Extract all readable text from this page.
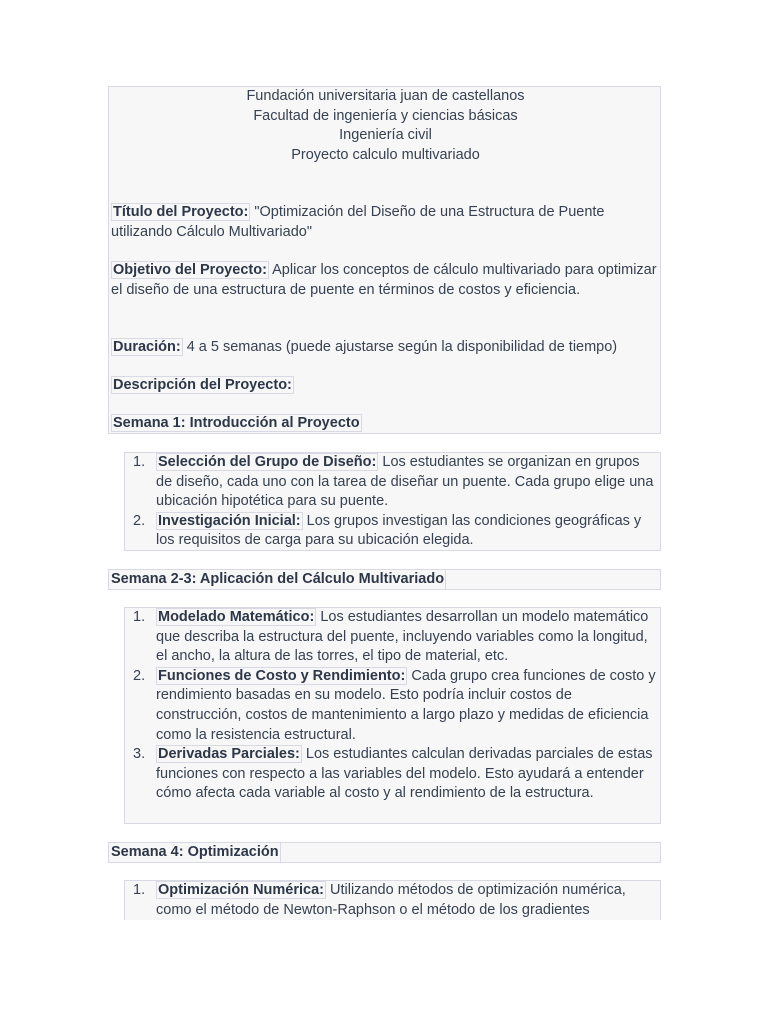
Fundación universitaria juan de castellanos
Facultad de ingeniería y ciencias básicas
Ingeniería civil
Proyecto calculo multivariado

Título del Proyecto: "Optimización del Diseño de una Estructura de Puente utilizando Cálculo Multivariado"

Objetivo del Proyecto: Aplicar los conceptos de cálculo multivariado para optimizar el diseño de una estructura de puente en términos de costos y eficiencia.

Duración: 4 a 5 semanas (puede ajustarse según la disponibilidad de tiempo)

Descripción del Proyecto:

Semana 1: Introducción al Proyecto

1. Selección del Grupo de Diseño: Los estudiantes se organizan en grupos de diseño, cada uno con la tarea de diseñar un puente. Cada grupo elige una ubicación hipotética para su puente.
2. Investigación Inicial: Los grupos investigan las condiciones geográficas y los requisitos de carga para su ubicación elegida.
Semana 2-3: Aplicación del Cálculo Multivariado
1. Modelado Matemático: Los estudiantes desarrollan un modelo matemático que describa la estructura del puente, incluyendo variables como la longitud, el ancho, la altura de las torres, el tipo de material, etc.
2. Funciones de Costo y Rendimiento: Cada grupo crea funciones de costo y rendimiento basadas en su modelo. Esto podría incluir costos de construcción, costos de mantenimiento a largo plazo y medidas de eficiencia como la resistencia estructural.
3. Derivadas Parciales: Los estudiantes calculan derivadas parciales de estas funciones con respecto a las variables del modelo. Esto ayudará a entender cómo afecta cada variable al costo y al rendimiento de la estructura.
Semana 4: Optimización
1. Optimización Numérica: Utilizando métodos de optimización numérica, como el método de Newton-Raphson o el método de los gradientes
